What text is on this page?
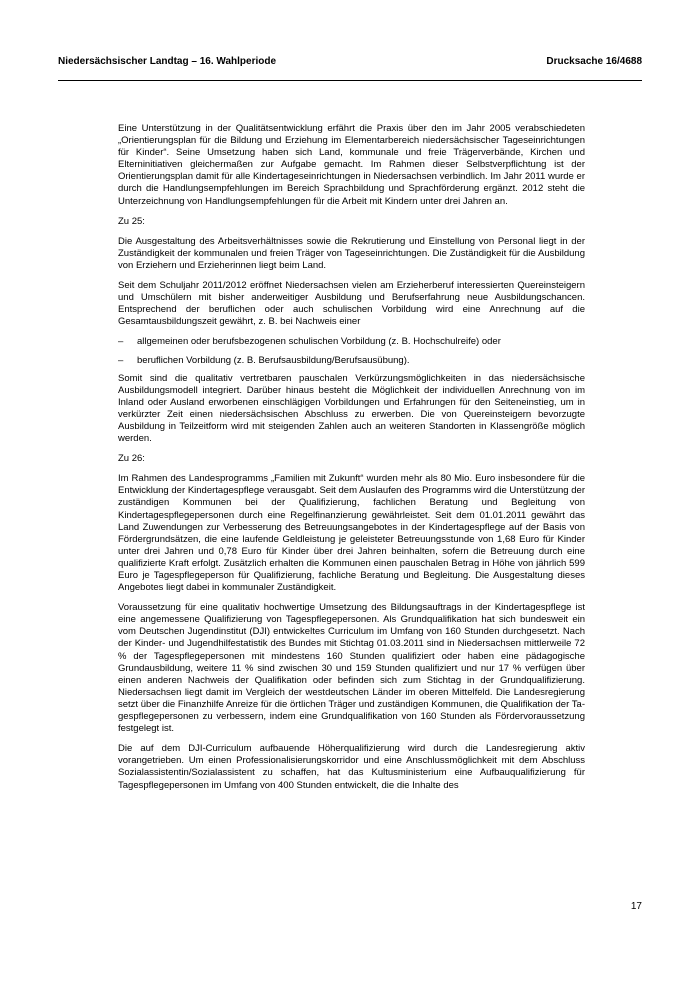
Niedersächsischer Landtag – 16. Wahlperiode	Drucksache 16/4688

Eine Unterstützung in der Qualitätsentwicklung erfährt die Praxis über den im Jahr 2005 verabschiedeten „Orientierungsplan für die Bildung und Erziehung im Elementarbereich niedersächsischer Tageseinrichtungen für Kinder“. Seine Umsetzung haben sich Land, kommunale und freie Trägerverbände, Kirchen und Elterninitiativen gleichermaßen zur Aufgabe gemacht. Im Rahmen dieser Selbstverpflichtung ist der Orientierungsplan damit für alle Kindertageseinrichtungen in Niedersachsen verbindlich. Im Jahr 2011 wurde er durch die Handlungsempfehlungen im Bereich Sprachbildung und Sprachförderung ergänzt. 2012 steht die Unterzeichnung von Handlungsempfehlungen für die Arbeit mit Kindern unter drei Jahren an.

Zu 25:

Die Ausgestaltung des Arbeitsverhältnisses sowie die Rekrutierung und Einstellung von Personal liegt in der Zuständigkeit der kommunalen und freien Träger von Tageseinrichtungen. Die Zuständigkeit für die Ausbildung von Erziehern und Erzieherinnen liegt beim Land.

Seit dem Schuljahr 2011/2012 eröffnet Niedersachsen vielen am Erzieherberuf interessierten Quereinsteigern und Umschülern mit bisher anderweitiger Ausbildung und Berufserfahrung neue Ausbildungschancen. Entsprechend der beruflichen oder auch schulischen Vorbildung wird eine Anrechnung auf die Gesamtausbildungszeit gewährt, z. B. bei Nachweis einer

– allgemeinen oder berufsbezogenen schulischen Vorbildung (z. B. Hochschulreife) oder
– beruflichen Vorbildung (z. B. Berufsausbildung/Berufsausübung).

Somit sind die qualitativ vertretbaren pauschalen Verkürzungsmöglichkeiten in das niedersächsische Ausbildungsmodell integriert. Darüber hinaus besteht die Möglichkeit der individuellen Anrechnung von im Inland oder Ausland erworbenen einschlägigen Vorbildungen und Erfahrungen für den Seiteneinstieg, um in verkürzter Zeit einen niedersächsischen Abschluss zu erwerben. Die von Quereinsteigern bevorzugte Ausbildung in Teilzeitform wird mit steigenden Zahlen auch an weiteren Standorten in Klassengröße möglich werden.

Zu 26:

Im Rahmen des Landesprogramms „Familien mit Zukunft“ wurden mehr als 80 Mio. Euro insbesondere für die Entwicklung der Kindertagespflege verausgabt. Seit dem Auslaufen des Programms wird die Unterstützung der zuständigen Kommunen bei der Qualifizierung, fachlichen Beratung und Begleitung von Kindertagespflegepersonen durch eine Regelfinanzierung gewährleistet. Seit dem 01.01.2011 gewährt das Land Zuwendungen zur Verbesserung des Betreuungsangebotes in der Kindertagespflege auf der Basis von Fördergrundsätzen, die eine laufende Geldleistung je geleisteter Betreuungsstunde von 1,68 Euro für Kinder unter drei Jahren und 0,78 Euro für Kinder über drei Jahren beinhalten, sofern die Betreuung durch eine qualifizierte Kraft erfolgt. Zusätzlich erhalten die Kommunen einen pauschalen Betrag in Höhe von jährlich 599 Euro je Tagespflegeperson für Qualifizierung, fachliche Beratung und Begleitung. Die Ausgestaltung dieses Angebotes liegt dabei in kommunaler Zuständigkeit.

Voraussetzung für eine qualitativ hochwertige Umsetzung des Bildungsauftrags in der Kindertagespflege ist eine angemessene Qualifizierung von Tagespflegepersonen. Als Grundqualifikation hat sich bundesweit ein vom Deutschen Jugendinstitut (DJI) entwickeltes Curriculum im Umfang von 160 Stunden durchgesetzt. Nach der Kinder- und Jugendhilfestatistik des Bundes mit Stichtag 01.03.2011 sind in Niedersachsen mittlerweile 72 % der Tagespflegepersonen mit mindestens 160 Stunden qualifiziert oder haben eine pädagogische Grundausbildung, weitere 11 % sind zwischen 30 und 159 Stunden qualifiziert und nur 17 % verfügen über einen anderen Nachweis der Qualifikation oder befinden sich zum Stichtag in der Grundqualifizierung. Niedersachsen liegt damit im Vergleich der westdeutschen Länder im oberen Mittelfeld. Die Landesregierung setzt über die Finanzhilfe Anreize für die örtlichen Träger und zuständigen Kommunen, die Qualifikation der Tagespflegepersonen zu verbessern, indem eine Grundqualifikation von 160 Stunden als Fördervoraussetzung festgelegt ist.

Die auf dem DJI-Curriculum aufbauende Höherqualifizierung wird durch die Landesregierung aktiv vorangetrieben. Um einen Professionalisierungskorridor und eine Anschlussmöglichkeit mit dem Abschluss Sozialassistentin/Sozialassistent zu schaffen, hat das Kultusministerium eine Aufbauqualifizierung für Tagespflegepersonen im Umfang von 400 Stunden entwickelt, die die Inhalte des

17
